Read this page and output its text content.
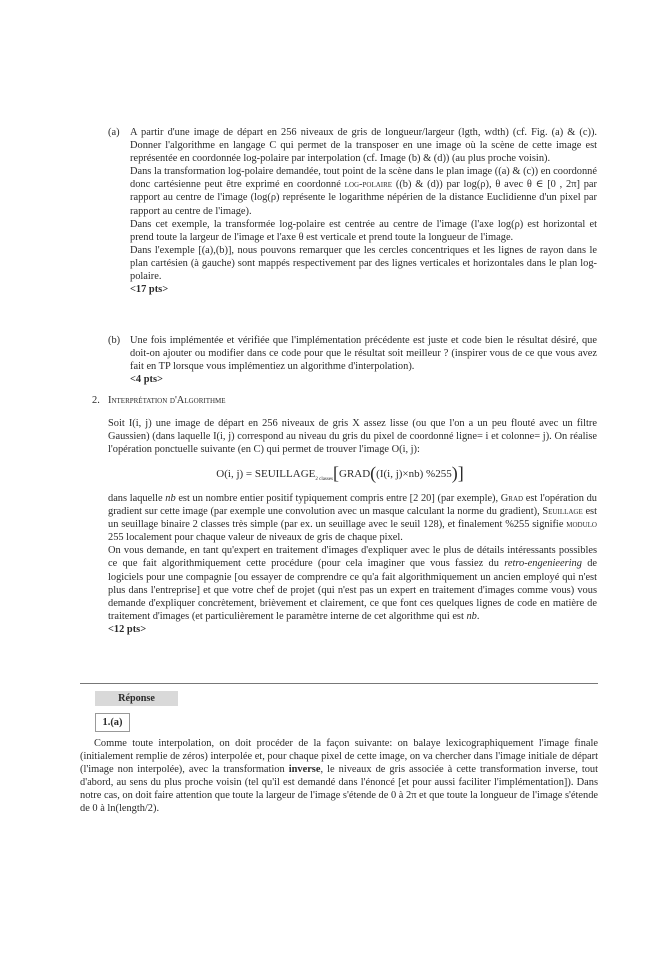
(a) A partir d'une image de départ en 256 niveaux de gris de longueur/largeur (lgth, wdth) (cf. Fig. (a) & (c)). Donner l'algorithme en langage C qui permet de la transposer en une image où la scène de cette image est représentée en coordonnée log-polaire par interpolation (cf. Image (b) & (d)) (au plus proche voisin).

Dans la transformation log-polaire demandée, tout point de la scène dans le plan image ((a) & (c)) en coordonné donc cartésienne peut être exprimé en coordonné log-polaire ((b) & (d)) par log(ρ), θ avec θ ∈ [0 , 2π] par rapport au centre de l'image (log(ρ) représente le logarithme népérien de la distance Euclidienne d'un pixel par rapport au centre de l'image).

Dans cet exemple, la transformée log-polaire est centrée au centre de l'image (l'axe log(ρ) est horizontal et prend toute la largeur de l'image et l'axe θ est verticale et prend toute la longueur de l'image.

Dans l'exemple [(a),(b)], nous pouvons remarquer que les cercles concentriques et les lignes de rayon dans le plan cartésien (à gauche) sont mappés respectivement par des lignes verticales et horizontales dans le plan log-polaire.

<17 pts>

(b) Une fois implémentée et vérifiée que l'implémentation précédente est juste et code bien le résultat désiré, que doit-on ajouter ou modifier dans ce code pour que le résultat soit meilleur ? (inspirer vous de ce que vous avez fait en TP lorsque vous implémentiez un algorithme d'interpolation).

<4 pts>

2. Interprétation d'Algorithme

Soit I(i, j) une image de départ en 256 niveaux de gris X assez lisse (ou que l'on a un peu flouté avec un filtre Gaussien) (dans laquelle I(i, j) correspond au niveau du gris du pixel de coordonné ligne= i et colonne= j). On réalise l'opération ponctuelle suivante (en C) qui permet de trouver l'image O(i, j):

O(i, $j) = SEUILLAGE_{2 classes}[GRAD((I(i$, j)×nb) %255)]

dans laquelle nb est un nombre entier positif typiquement compris entre [2 20] (par exemple), Grad est l'opération du gradient sur cette image (par exemple une convolution avec un masque calculant la norme du gradient), Seuillage est un seuillage binaire 2 classes très simple (par ex. un seuillage avec le seuil 128), et finalement %255 signifie modulo 255 localement pour chaque valeur de niveaux de gris de chaque pixel.

On vous demande, en tant qu'expert en traitement d'images d'expliquer avec le plus de détails intéressants possibles ce que fait algorithmiquement cette procédure (pour cela imaginer que vous fassiez du retro-engenieering de logiciels pour une compagnie [ou essayer de comprendre ce qu'a fait algorithmiquement un ancien employé qui n'est plus dans l'entreprise] et que votre chef de projet (qui n'est pas un expert en traitement d'images comme vous) vous demande d'expliquer concrètement, brièvement et clairement, ce que font ces quelques lignes de code en matière de traitement d'images (et particulièrement le paramètre interne de cet algorithme qui est nb.

<12 pts>

Réponse
1.(a)

Comme toute interpolation, on doit procéder de la façon suivante: on balaye lexicographiquement l'image finale (initialement remplie de zéros) interpolée et, pour chaque pixel de cette image, on va chercher dans l'image initiale de départ (l'image non interpolée), avec la transformation inverse, le niveaux de gris associée à cette transformation inverse, tout d'abord, au sens du plus proche voisin (tel qu'il est demandé dans l'énoncé [et pour aussi faciliter l'implémentation]). Dans notre cas, on doit faire attention que toute la largeur de l'image s'étende de 0 à 2π et que toute la longueur de l'image s'étende de 0 à ln(length/2).
